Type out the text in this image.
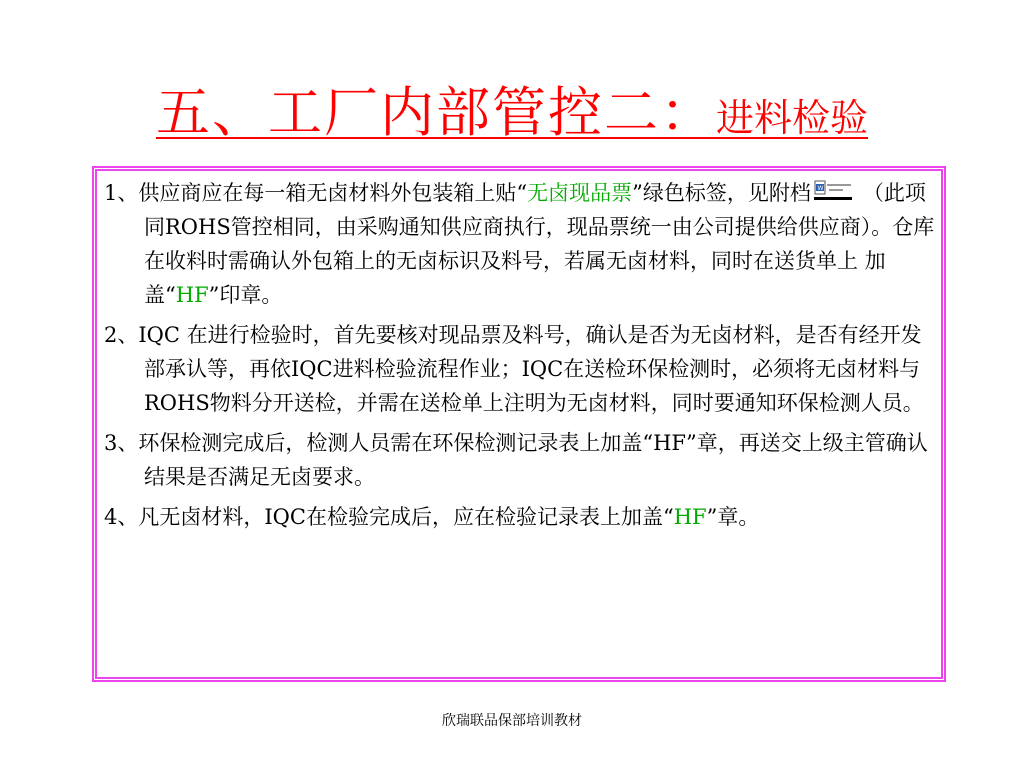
五、工厂内部管控二：进料检验

1、供应商应在每一箱无卤材料外包装箱上贴“无卤现品票”绿色标签，见附档 W （此项同ROHS管控相同，由采购通知供应商执行，现品票统一由公司提供给供应商）。仓库在收料时需确认外包箱上的无卤标识及料号，若属无卤材料，同时在送货单上 加盖“HF”印章。

2、IQC 在进行检验时，首先要核对现品票及料号，确认是否为无卤材料，是否有经开发部承认等，再依IQC进料检验流程作业；IQC在送检环保检测时，必须将无卤材料与ROHS物料分开送检，并需在送检单上注明为无卤材料，同时要通知环保检测人员。

3、环保检测完成后，检测人员需在环保检测记录表上加盖“HF”章，再送交上级主管确认结果是否满足无卤要求。

4、凡无卤材料，IQC在检验完成后，应在检验记录表上加盖“HF”章。

欣瑞联品保部培训教材
